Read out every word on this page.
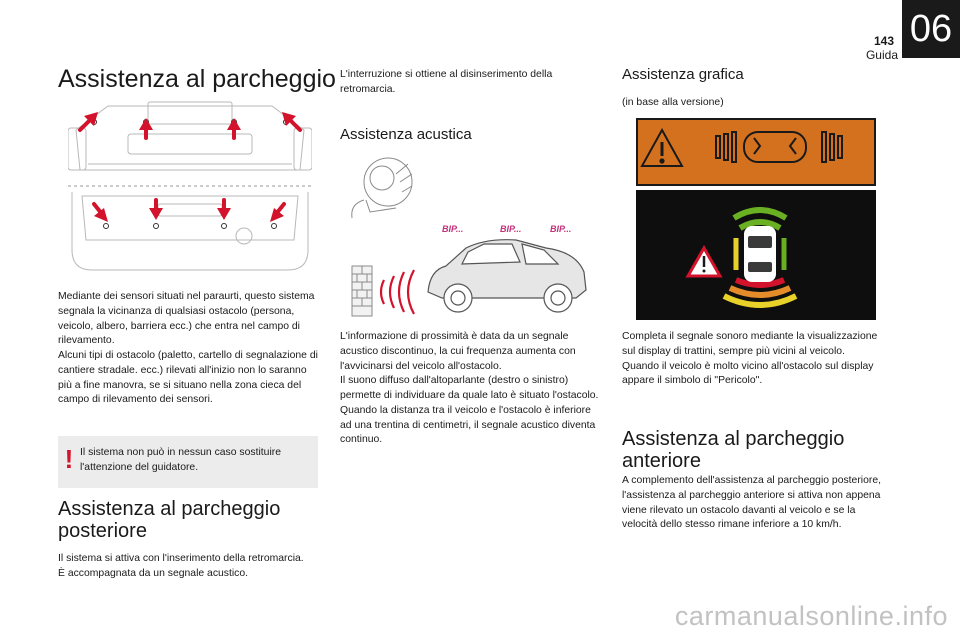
06
143
Guida
Assistenza al parcheggio

Mediante dei sensori situati nel paraurti, questo sistema segnala la vicinanza di qualsiasi ostacolo (persona, veicolo, albero, barriera ecc.) che entra nel campo di rilevamento.

Alcuni tipi di ostacolo (paletto, cartello di segnalazione di cantiere stradale. ecc.) rilevati all'inizio non lo saranno più a fine manovra, se si situano nella zona cieca del campo di rilevamento dei sensori.

! Il sistema non può in nessun caso sostituire l'attenzione del guidatore.
Assistenza al parcheggio posteriore

Il sistema si attiva con l'inserimento della retromarcia.

È accompagnata da un segnale acustico.

L'interruzione si ottiene al disinserimento della retromarcia.

Assistenza acustica
BIP...	BIP...	BIP...

L'informazione di prossimità è data da un segnale acustico discontinuo, la cui frequenza aumenta con l'avvicinarsi del veicolo all'ostacolo.

Il suono diffuso dall'altoparlante (destro o sinistro) permette di individuare da quale lato è situato l'ostacolo.

Quando la distanza tra il veicolo e l'ostacolo è inferiore ad una trentina di centimetri, il segnale acustico diventa continuo.

Assistenza grafica

(in base alla versione)

Completa il segnale sonoro mediante la visualizzazione sul display di trattini, sempre più vicini al veicolo.

Quando il veicolo è molto vicino all'ostacolo sul display appare il simbolo di "Pericolo".

Assistenza al parcheggio anteriore

A complemento dell'assistenza al parcheggio posteriore, l'assistenza al parcheggio anteriore si attiva non appena viene rilevato un ostacolo davanti al veicolo e se la velocità dello stesso rimane inferiore a 10 km/h.

carmanualsonline.info
